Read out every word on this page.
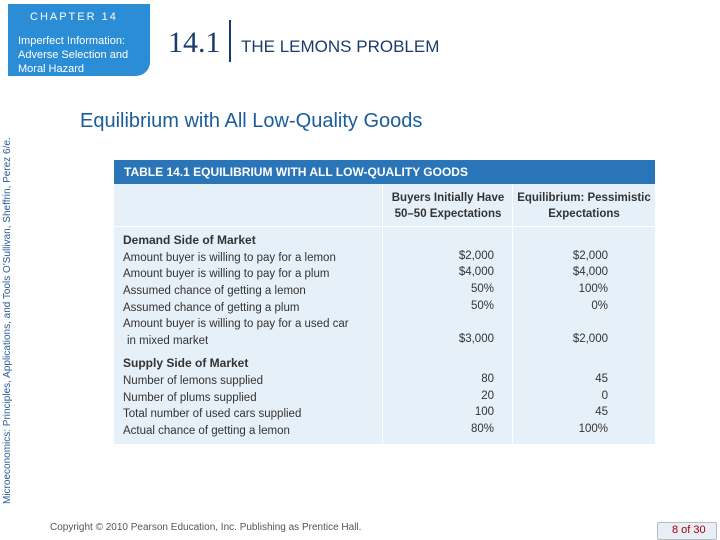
CHAPTER 14
Imperfect Information:
Adverse Selection and
Moral Hazard
14.1 THE LEMONS PROBLEM
Microeconomics: Principles, Applications, and Tools O'Sullivan, Sheffrin, Perez 6/e.
Equilibrium with All Low-Quality Goods
TABLE 14.1 EQUILIBRIUM WITH ALL LOW-QUALITY GOODS
Buyers Initially Have
50–50 Expectations
Equilibrium: Pessimistic
Expectations
Demand Side of Market
Amount buyer is willing to pay for a lemon	$2,000	$2,000
Amount buyer is willing to pay for a plum	$4,000	$4,000
Assumed chance of getting a lemon	50%	100%
Assumed chance of getting a plum	50%	0%
Amount buyer is willing to pay for a used car
in mixed market	$3,000	$2,000
Supply Side of Market
Number of lemons supplied	80	45
Number of plums supplied	20	0
Total number of used cars supplied	100	45
Actual chance of getting a lemon	80%	100%
Copyright © 2010 Pearson Education, Inc. Publishing as Prentice Hall.	8 of 30
